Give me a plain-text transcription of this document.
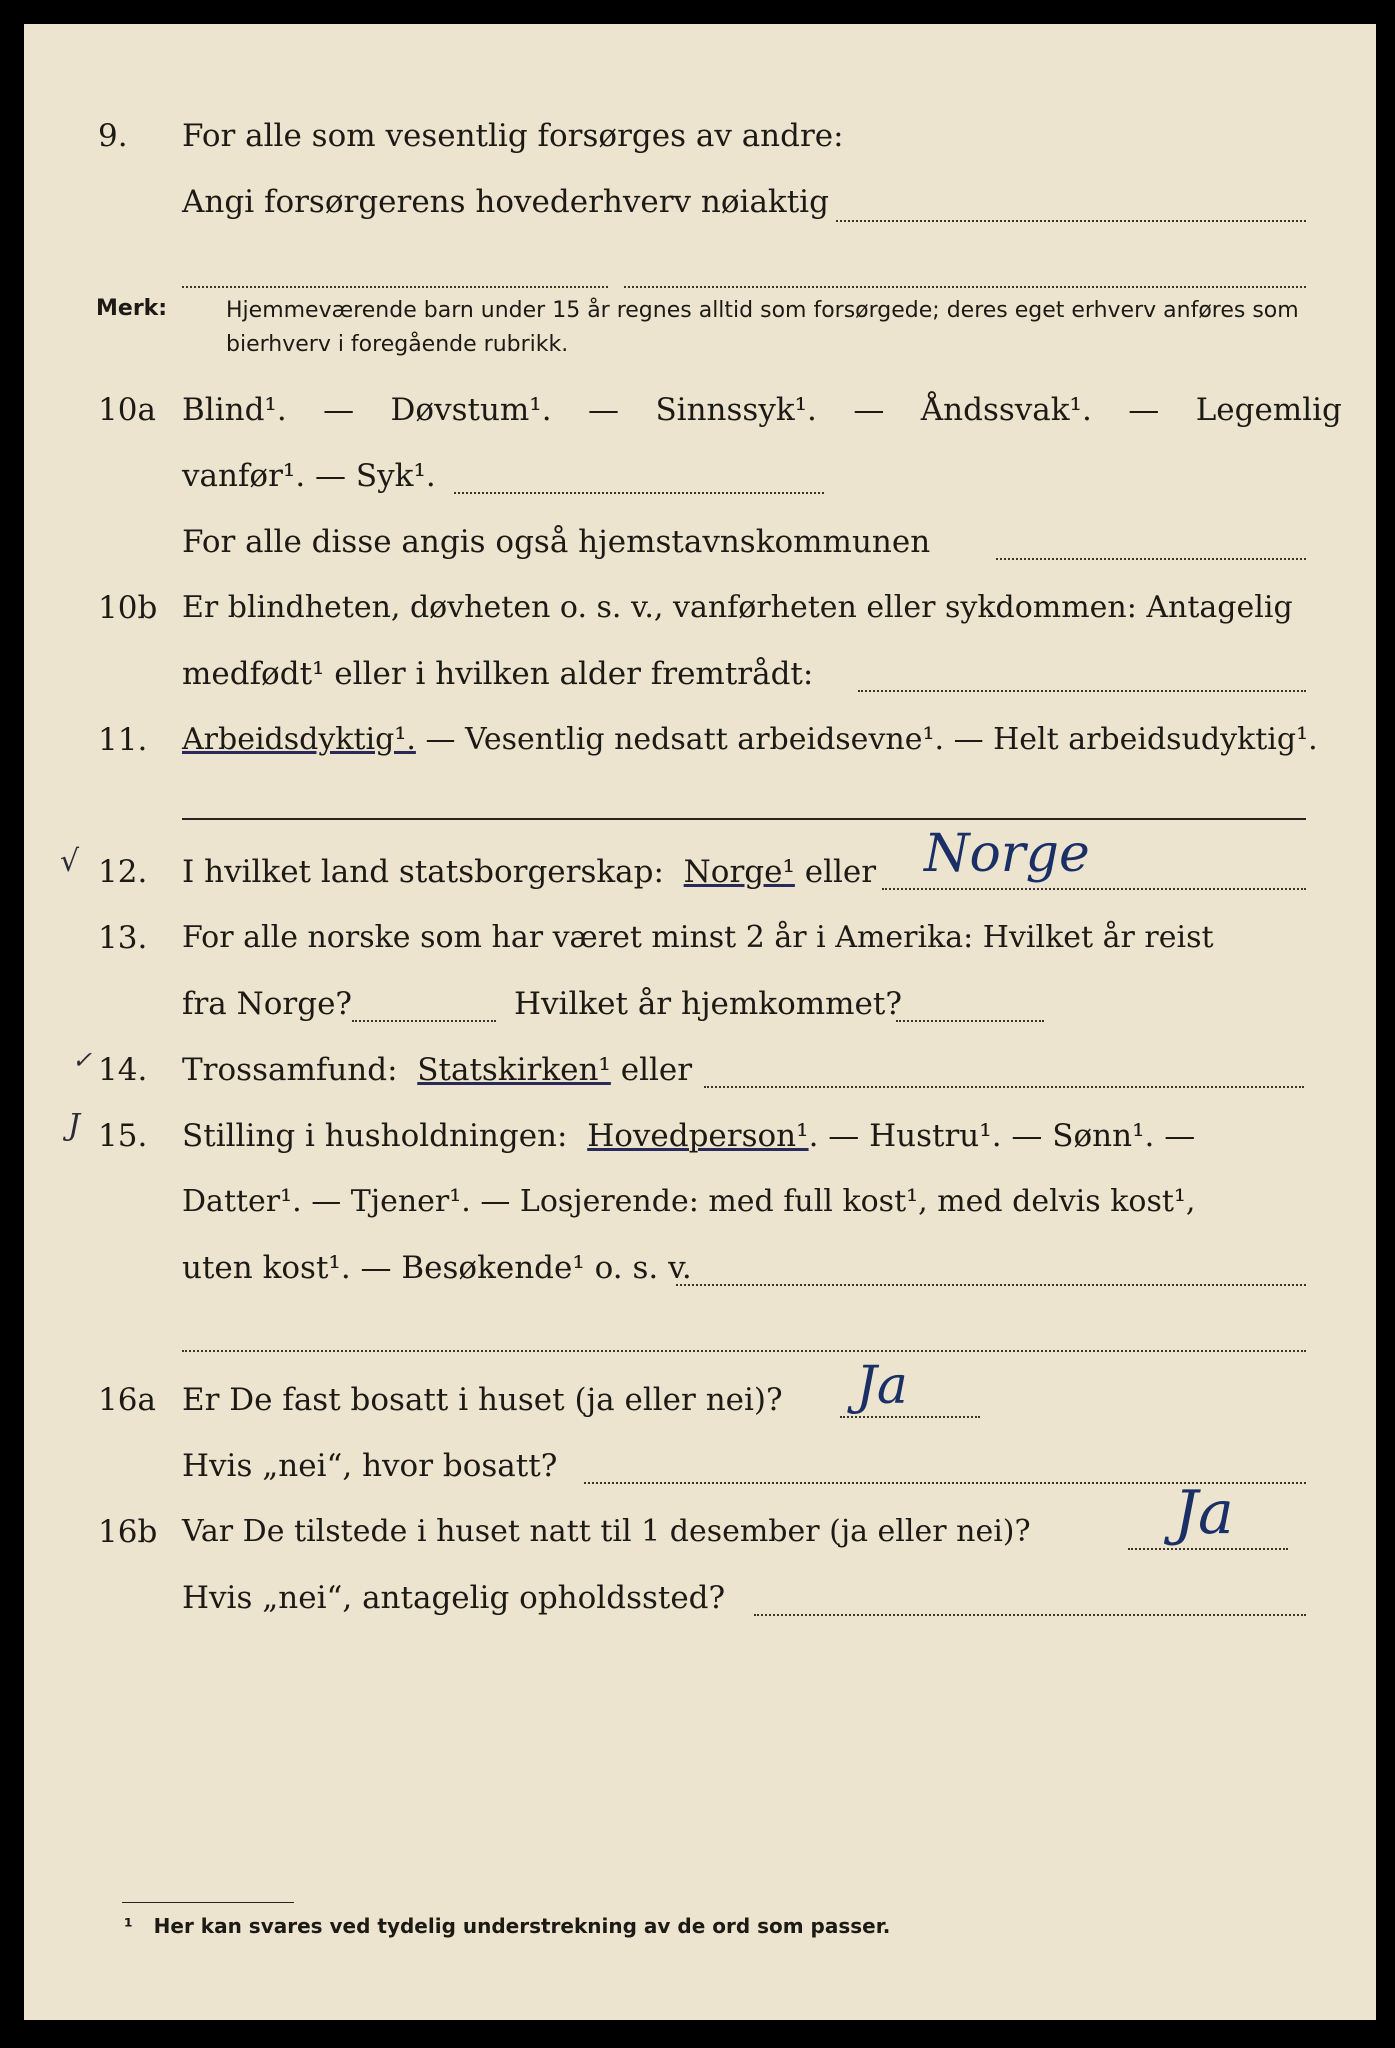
9. For alle som vesentlig forsørges av andre:
Angi forsørgerens hovederhverv nøiaktig
Merk:	Hjemmeværende barn under 15 år regnes alltid som forsørgede; deres eget erhverv anføres som bierhverv i foregående rubrikk.
10a Blind¹. — Døvstum¹. — Sinnssyk¹. — Åndssvak¹. — Legemlig
vanfør¹. — Syk¹.
For alle disse angis også hjemstavnskommunen
10b Er blindheten, døvheten o. s. v., vanførheten eller sykdommen: Antagelig
medfødt¹ eller i hvilken alder fremtrådt:
11. Arbeidsdyktig¹. — Vesentlig nedsatt arbeidsevne¹. — Helt arbeidsudyktig¹.
√ 12. I hvilket land statsborgerskap: Norge¹ eller Norge
13. For alle norske som har været minst 2 år i Amerika: Hvilket år reist
fra Norge?	Hvilket år hjemkommet?
✓ 14. Trossamfund: Statskirken¹ eller
J 15. Stilling i husholdningen: Hovedperson¹. — Hustru¹. — Sønn¹. —
Datter¹. — Tjener¹. — Losjerende: med full kost¹, med delvis kost¹,
uten kost¹. — Besøkende¹ o. s. v.
16a Er De fast bosatt i huset (ja eller nei)? Ja
Hvis „nei“, hvor bosatt?
16b Var De tilstede i huset natt til 1 desember (ja eller nei)? Ja
Hvis „nei“, antagelig opholdssted?
¹ Her kan svares ved tydelig understrekning av de ord som passer.
